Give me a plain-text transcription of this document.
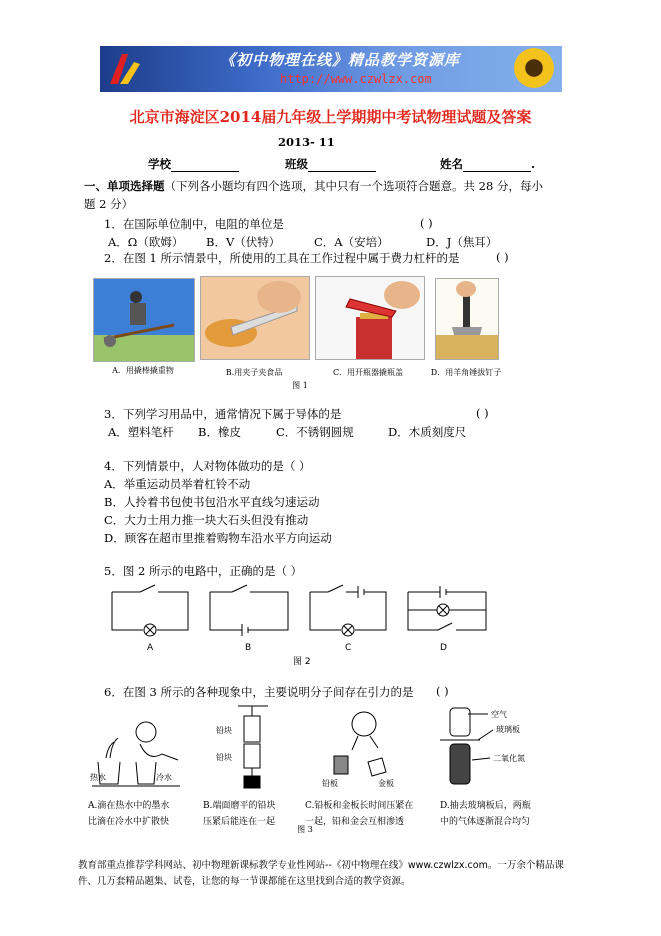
《初中物理在线》精品教学资源库
http://www.czwlzx.com
北京市海淀区2014届九年级上学期期中考试物理试题及答案
2013- 11
学校	班级	姓名	.
一、单项选择题（下列各小题均有四个选项，其中只有一个选项符合题意。共 28 分，每小
题 2 分）
1．在国际单位制中，电阻的单位是	( )
A．Ω（欧姆） B．V（伏特）	C．A（安培）	D．J（焦耳）
2．在图 1 所示情景中，所使用的工具在工作过程中属于费力杠杆的是	( )
A．用撬棒撬重物	B.用夹子夹食品	C．用开瓶器撬瓶盖	D．用羊角锤拔钉子
图 1
3．下列学习用品中，通常情况下属于导体的是	( )
A．塑料笔杆 B．橡皮	C．不锈钢圆规	D．木质刻度尺
4．下列情景中，人对物体做功的是（ ）
A．举重运动员举着杠铃不动
B．人拎着书包使书包沿水平直线匀速运动
C．大力士用力推一块大石头但没有推动
D．顾客在超市里推着购物车沿水平方向运动
5．图 2 所示的电路中，正确的是（ ）
A	B	C	D
图 2
6．在图 3 所示的各种现象中，主要说明分子间存在引力的是 ( )
热水	冷水
铅块
铅块
铅板	金板
空气
玻璃板
二氧化氮
A.滴在热水中的墨水
比滴在冷水中扩散快
B.端面磨平的铅块
压紧后能连在一起
C.铅板和金板长时间压紧在
一起，铅和金会互相渗透
D.抽去玻璃板后，两瓶
中的气体逐渐混合均匀
图 3
教育部重点推荐学科网站、初中物理新课标教学专业性网站--《初中物理在线》www.czwlzx.com。一万余个精品课
件、几万套精品题集、试卷，让您的每一节课都能在这里找到合适的教学资源。
